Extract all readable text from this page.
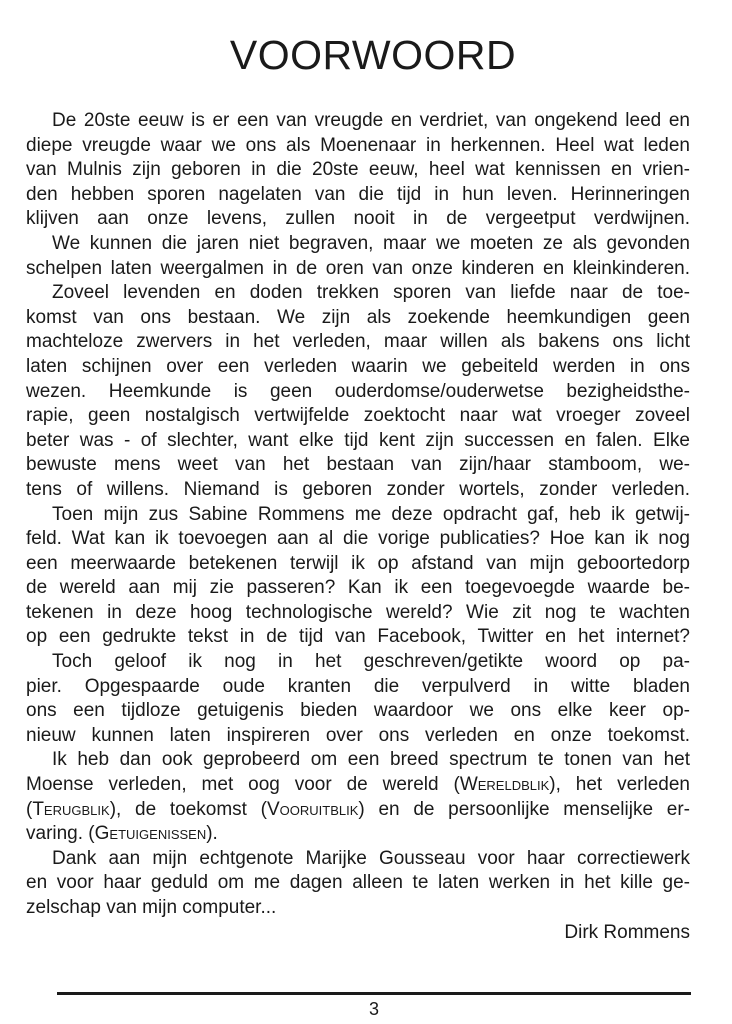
VOORWOORD
De 20ste eeuw is er een van vreugde en verdriet, van ongekend leed en
diepe vreugde waar we ons als Moenenaar in herkennen. Heel wat leden
van Mulnis zijn geboren in die 20ste eeuw, heel wat kennissen en vrien-
den hebben sporen nagelaten van die tijd in hun leven. Herinneringen
klijven aan onze levens, zullen nooit in de vergeetput verdwijnen.
We kunnen die jaren niet begraven, maar we moeten ze als gevonden
schelpen laten weergalmen in de oren van onze kinderen en kleinkinderen.
Zoveel levenden en doden trekken sporen van liefde naar de toe-
komst van ons bestaan. We zijn als zoekende heemkundigen geen
machteloze zwervers in het verleden, maar willen als bakens ons licht
laten schijnen over een verleden waarin we gebeiteld werden in ons
wezen. Heemkunde is geen ouderdomse/ouderwetse bezigheidsthe-
rapie, geen nostalgisch vertwijfelde zoektocht naar wat vroeger zoveel
beter was - of slechter, want elke tijd kent zijn successen en falen. Elke
bewuste mens weet van het bestaan van zijn/haar stamboom, we-
tens of willens. Niemand is geboren zonder wortels, zonder verleden.
Toen mijn zus Sabine Rommens me deze opdracht gaf, heb ik getwij-
feld. Wat kan ik toevoegen aan al die vorige publicaties? Hoe kan ik nog
een meerwaarde betekenen terwijl ik op afstand van mijn geboortedorp
de wereld aan mij zie passeren? Kan ik een toegevoegde waarde be-
tekenen in deze hoog technologische wereld? Wie zit nog te wachten
op een gedrukte tekst in de tijd van Facebook, Twitter en het internet?
Toch geloof ik nog in het geschreven/getikte woord op pa-
pier. Opgespaarde oude kranten die verpulverd in witte bladen
ons een tijdloze getuigenis bieden waardoor we ons elke keer op-
nieuw kunnen laten inspireren over ons verleden en onze toekomst.
Ik heb dan ook geprobeerd om een breed spectrum te tonen van het
Moense verleden, met oog voor de wereld (Wereldblik), het verleden
(Terugblik), de toekomst (Vooruitblik) en de persoonlijke menselijke er-
varing. (Getuigenissen).
Dank aan mijn echtgenote Marijke Gousseau voor haar correctiewerk
en voor haar geduld om me dagen alleen te laten werken in het kille ge-
zelschap van mijn computer...
Dirk Rommens
3
